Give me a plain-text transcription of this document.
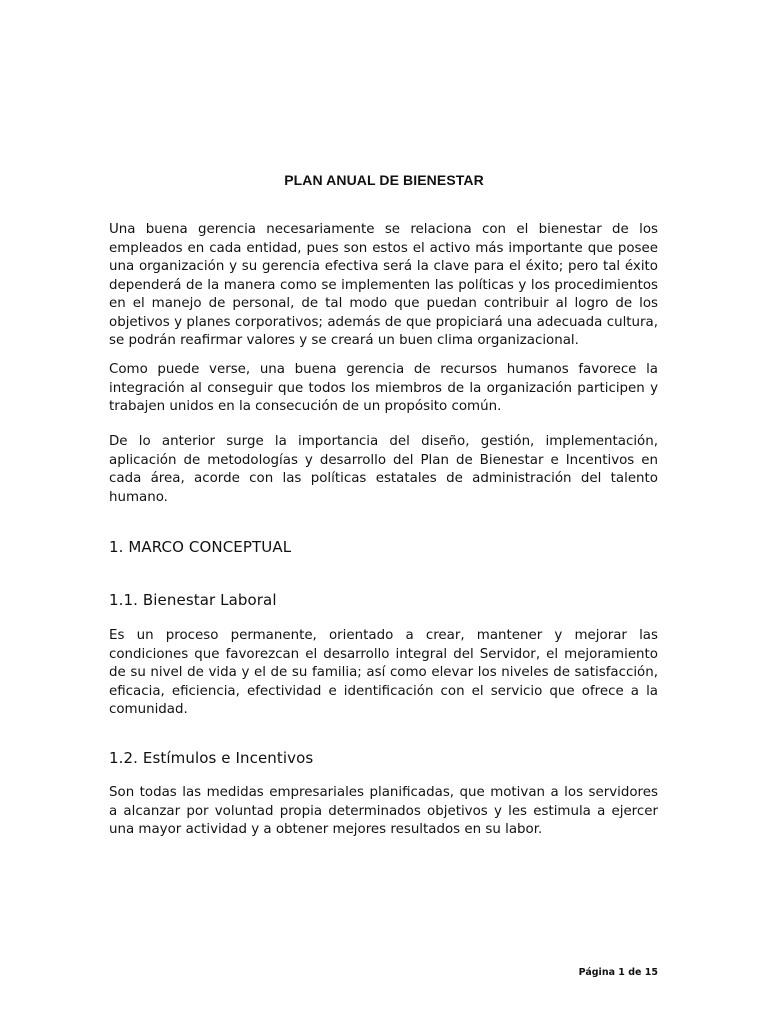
PLAN ANUAL DE BIENESTAR

Una buena gerencia necesariamente se relaciona con el bienestar de los empleados en cada entidad, pues son estos el activo más importante que posee una organización y su gerencia efectiva será la clave para el éxito; pero tal éxito dependerá de la manera como se implementen las políticas y los procedimientos en el manejo de personal, de tal modo que puedan contribuir al logro de los objetivos y planes corporativos; además de que propiciará una adecuada cultura, se podrán reafirmar valores y se creará un buen clima organizacional.

Como puede verse, una buena gerencia de recursos humanos favorece la integración al conseguir que todos los miembros de la organización participen y trabajen unidos en la consecución de un propósito común.

De lo anterior surge la importancia del diseño, gestión, implementación, aplicación de metodologías y desarrollo del Plan de Bienestar e Incentivos en cada área, acorde con las políticas estatales de administración del talento humano.

1. MARCO CONCEPTUAL
1.1. Bienestar Laboral

Es un proceso permanente, orientado a crear, mantener y mejorar las condiciones que favorezcan el desarrollo integral del Servidor, el mejoramiento de su nivel de vida y el de su familia; así como elevar los niveles de satisfacción, eficacia, eficiencia, efectividad e identificación con el servicio que ofrece a la comunidad.

1.2. Estímulos e Incentivos

Son todas las medidas empresariales planificadas, que motivan a los servidores a alcanzar por voluntad propia determinados objetivos y les estimula a ejercer una mayor actividad y a obtener mejores resultados en su labor.

Página 1 de 15
